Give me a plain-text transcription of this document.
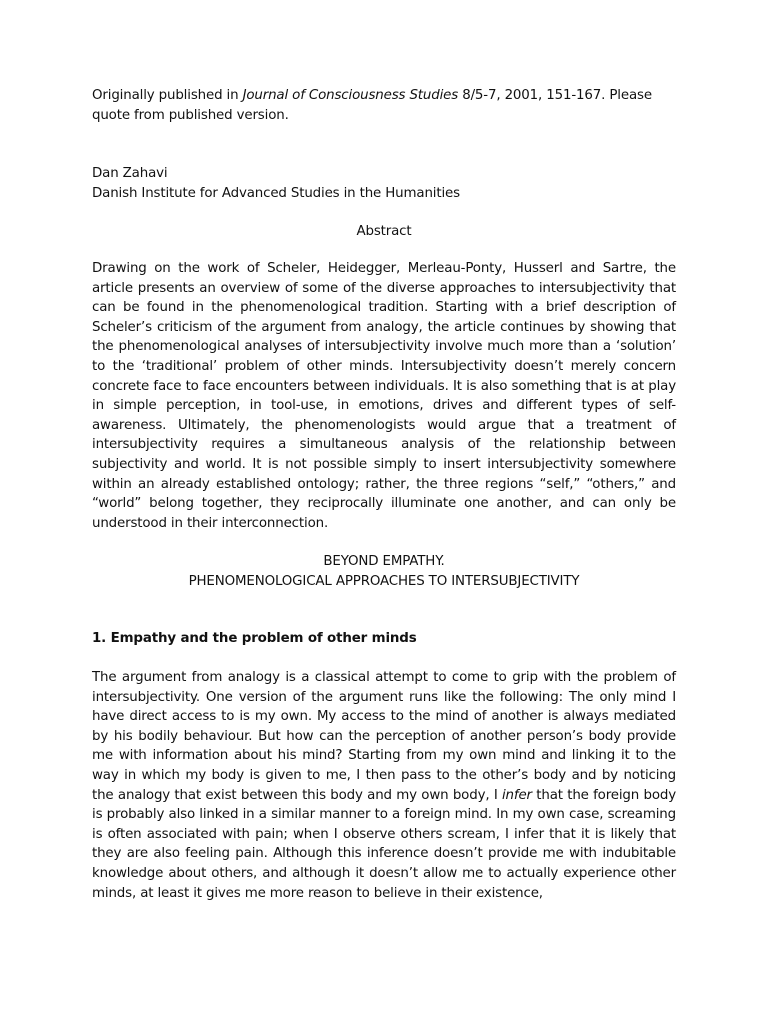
Originally published in Journal of Consciousness Studies 8/5-7, 2001, 151-167. Please quote from published version.

Dan Zahavi
Danish Institute for Advanced Studies in the Humanities
Abstract

Drawing on the work of Scheler, Heidegger, Merleau-Ponty, Husserl and Sartre, the article presents an overview of some of the diverse approaches to intersubjectivity that can be found in the phenomenological tradition. Starting with a brief description of Scheler’s criticism of the argument from analogy, the article continues by showing that the phenomenological analyses of intersubjectivity involve much more than a ‘solution’ to the ‘traditional’ problem of other minds. Intersubjectivity doesn’t merely concern concrete face to face encounters between individuals. It is also something that is at play in simple perception, in tool-use, in emotions, drives and different types of self-awareness. Ultimately, the phenomenologists would argue that a treatment of intersubjectivity requires a simultaneous analysis of the relationship between subjectivity and world. It is not possible simply to insert intersubjectivity somewhere within an already established ontology; rather, the three regions “self,” “others,” and “world” belong together, they reciprocally illuminate one another, and can only be understood in their interconnection.

BEYOND EMPATHY.
PHENOMENOLOGICAL APPROACHES TO INTERSUBJECTIVITY
1. Empathy and the problem of other minds

The argument from analogy is a classical attempt to come to grip with the problem of intersubjectivity. One version of the argument runs like the following: The only mind I have direct access to is my own. My access to the mind of another is always mediated by his bodily behaviour. But how can the perception of another person’s body provide me with information about his mind? Starting from my own mind and linking it to the way in which my body is given to me, I then pass to the other’s body and by noticing the analogy that exist between this body and my own body, I infer that the foreign body is probably also linked in a similar manner to a foreign mind. In my own case, screaming is often associated with pain; when I observe others scream, I infer that it is likely that they are also feeling pain. Although this inference doesn’t provide me with indubitable knowledge about others, and although it doesn’t allow me to actually experience other minds, at least it gives me more reason to believe in their existence,
